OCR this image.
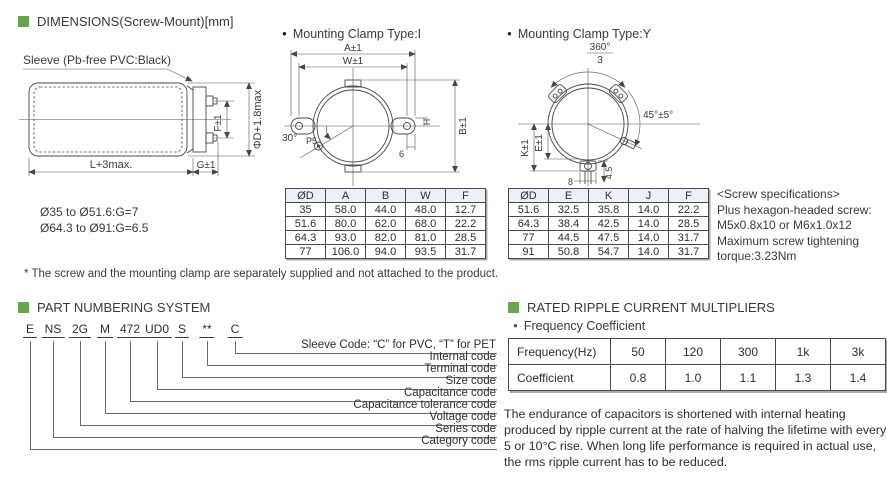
DIMENSIONS(Screw-Mount)[mm]
Sleeve (Pb-free PVC:Black)
F±1	ΦD+1.8max
L+3max.	G±1
Ø35 to Ø51.6:G=7
Ø64.3 to Ø91:G=6.5
* The screw and the mounting clamp are separately supplied and not attached to the product.
● Mounting Clamp Type:I
A±1
W±1
B±1
6
H
30° P5
ØD	A	B	W	F
35	58.0	44.0	48.0	12.7
51.6	80.0	62.0	68.0	22.2
64.3	93.0	82.0	81.0	28.5
77	106.0	94.0	93.5	31.7
● Mounting Clamp Type:Y
360°
3
45°±5°
K±1 E±1
8
4.5
ØD	E	K	J	F
51.6	32.5	35.8	14.0	22.2
64.3	38.4	42.5	14.0	28.5
77	44.5	47.5	14.0	31.7
91	50.8	54.7	14.0	31.7
<Screw specifications>
Plus hexagon-headed screw:
M5x0.8x10 or M6x1.0x12
Maximum screw tightening
torque:3.23Nm
PART NUMBERING SYSTEM
E NS 2G M 472 UD0 S ** C
Sleeve Code: “C” for PVC, “T” for PET
Internal code
Terminal code
Size code
Capacitance code
Capacitance tolerance code
Voltage code
Series code
Category code
RATED RIPPLE CURRENT MULTIPLIERS
● Frequency Coefficient
Frequency(Hz)	50	120	300	1k	3k
Coefficient	0.8	1.0	1.1	1.3	1.4
The endurance of capacitors is shortened with internal heating produced by ripple current at the rate of halving the lifetime with every 5 or 10°C rise. When long life performance is required in actual use, the rms ripple current has to be reduced.
